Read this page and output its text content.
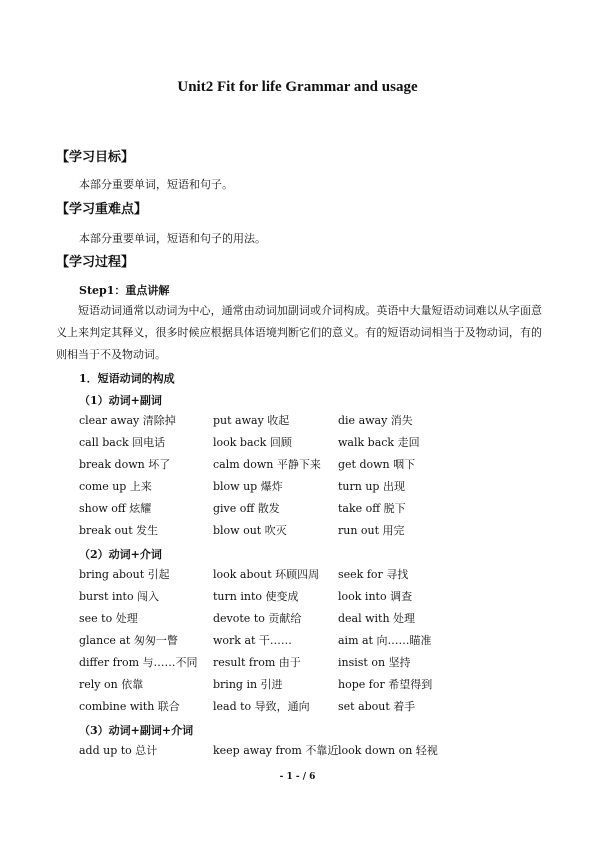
Unit2 Fit for life Grammar and usage
【学习目标】
本部分重要单词，短语和句子。
【学习重难点】
本部分重要单词，短语和句子的用法。
【学习过程】
Step1：重点讲解
短语动词通常以动词为中心，通常由动词加副词或介词构成。英语中大量短语动词难以从字面意义上来判定其释义，很多时候应根据具体语境判断它们的意义。有的短语动词相当于及物动词，有的则相当于不及物动词。
1．短语动词的构成
（1）动词+副词
clear away 清除掉	put away 收起	die away 消失
call back 回电话	look back 回顾	walk back 走回
break down 坏了	calm down 平静下来 get down 咽下
come up 上来	blow up 爆炸	turn up 出现
show off 炫耀	give off 散发	take off 脱下
break out 发生	blow out 吹灭	run out 用完
（2）动词+介词
bring about 引起	look about 环顾四周 seek for 寻找
burst into 闯入	turn into 使变成	look into 调查
see to 处理	devote to 贡献给	deal with 处理
glance at 匆匆一瞥	work at 干……	aim at 向……瞄准
differ from 与……不同 result from 由于	insist on 坚持
rely on 依靠	bring in 引进	hope for 希望得到
combine with 联合	lead to 导致，通向	set about 着手
（3）动词+副词+介词
add up to 总计	keep away from 不靠近 look down on 轻视
- 1 - / 6
